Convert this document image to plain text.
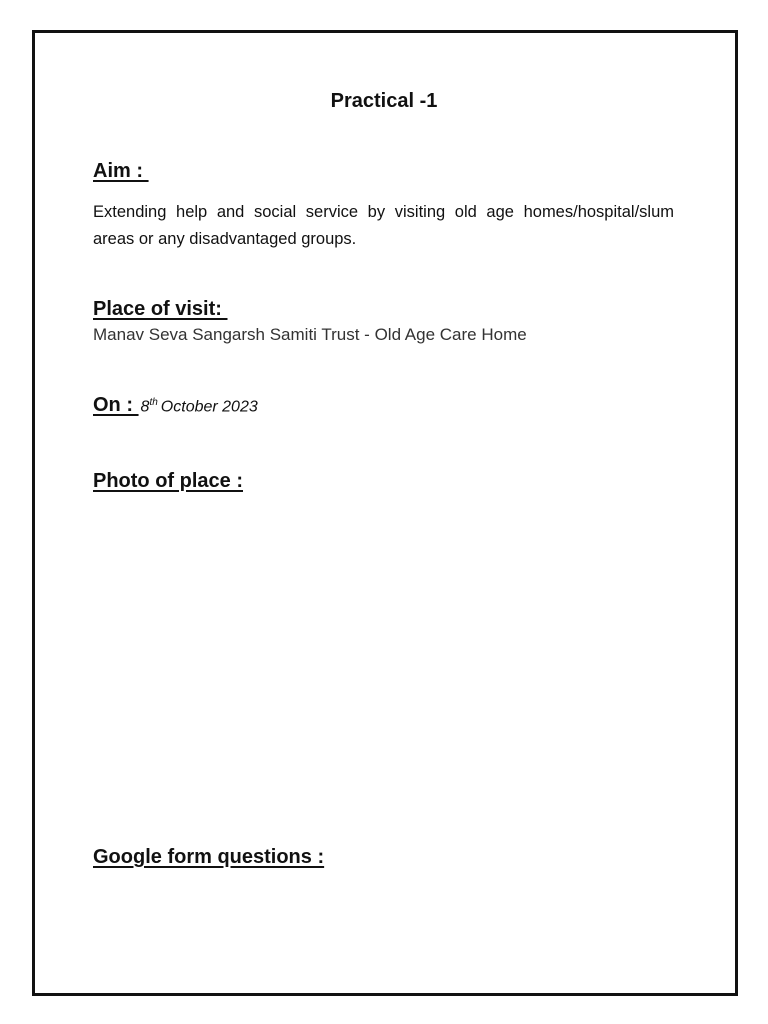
Practical -1
Aim :
Extending help and social service by visiting old age homes/hospital/slum areas or any disadvantaged groups.
Place of visit:
Manav Seva Sangarsh Samiti Trust - Old Age Care Home
On : 8th October 2023
Photo of place :
Google form questions :
